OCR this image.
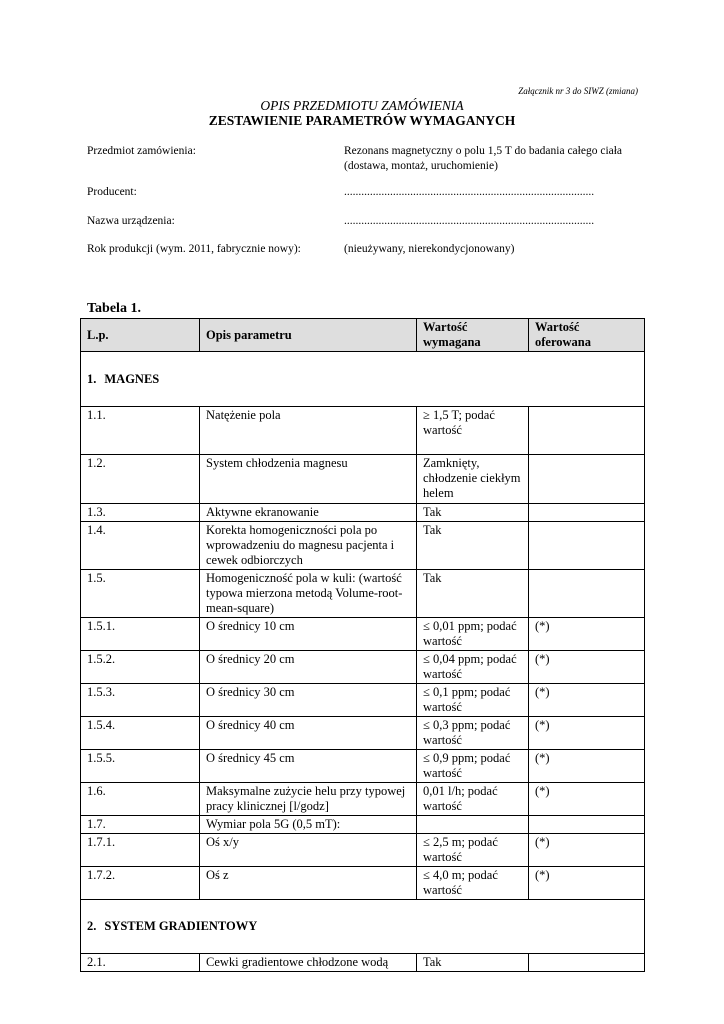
Załącznik nr 3 do SIWZ (zmiana)
OPIS PRZEDMIOTU ZAMÓWIENIA
ZESTAWIENIE PARAMETRÓW WYMAGANYCH
Przedmiot zamówienia:	Rezonans magnetyczny o polu 1,5 T do badania całego ciała (dostawa, montaż, uruchomienie)
Producent:	.......................................................................................
Nazwa urządzenia:	.......................................................................................
Rok produkcji (wym. 2011, fabrycznie nowy):	(nieużywany, nierekondycjonowany)
Tabela 1.
L.p.	Opis parametru	Wartość wymagana	Wartość oferowana
1. MAGNES			
1.1.	Natężenie pola	≥ 1,5 T; podać wartość	
1.2.	System chłodzenia magnesu	Zamknięty, chłodzenie ciekłym helem	
1.3.	Aktywne ekranowanie	Tak	
1.4.	Korekta homogeniczności pola po wprowadzeniu do magnesu pacjenta i cewek odbiorczych	Tak	
1.5.	Homogeniczność pola w kuli: (wartość typowa mierzona metodą Volume-root-mean-square)	Tak	
1.5.1.	O średnicy 10 cm	≤ 0,01 ppm; podać wartość	(*)
1.5.2.	O średnicy 20 cm	≤ 0,04 ppm; podać wartość	(*)
1.5.3.	O średnicy 30 cm	≤ 0,1 ppm; podać wartość	(*)
1.5.4.	O średnicy 40 cm	≤ 0,3 ppm; podać wartość	(*)
1.5.5.	O średnicy 45 cm	≤ 0,9 ppm; podać wartość	(*)
1.6.	Maksymalne zużycie helu przy typowej pracy klinicznej [l/godz]	0,01 l/h; podać wartość	(*)
1.7.	Wymiar pola 5G (0,5 mT):		
1.7.1.	Oś x/y	≤ 2,5 m; podać wartość	(*)
1.7.2.	Oś z	≤ 4,0 m; podać wartość	(*)
2. SYSTEM GRADIENTOWY			
2.1.	Cewki gradientowe chłodzone wodą	Tak	
